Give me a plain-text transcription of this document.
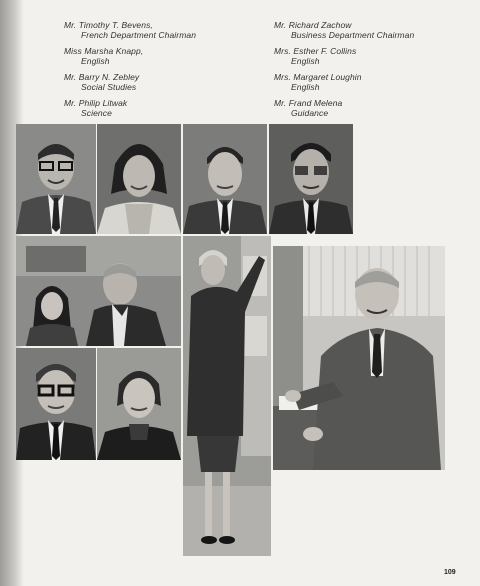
Mr. Timothy T. Bevens,
French Department Chairman
Miss Marsha Knapp,
English
Mr. Barry N. Zebley
Social Studies
Mr. Philip Litwak
Science
Mr. Richard Zachow
Business Department Chairman
Mrs. Esther F. Collins
English
Mrs. Margaret Loughin
English
Mr. Frand Melena
Guidance
109
